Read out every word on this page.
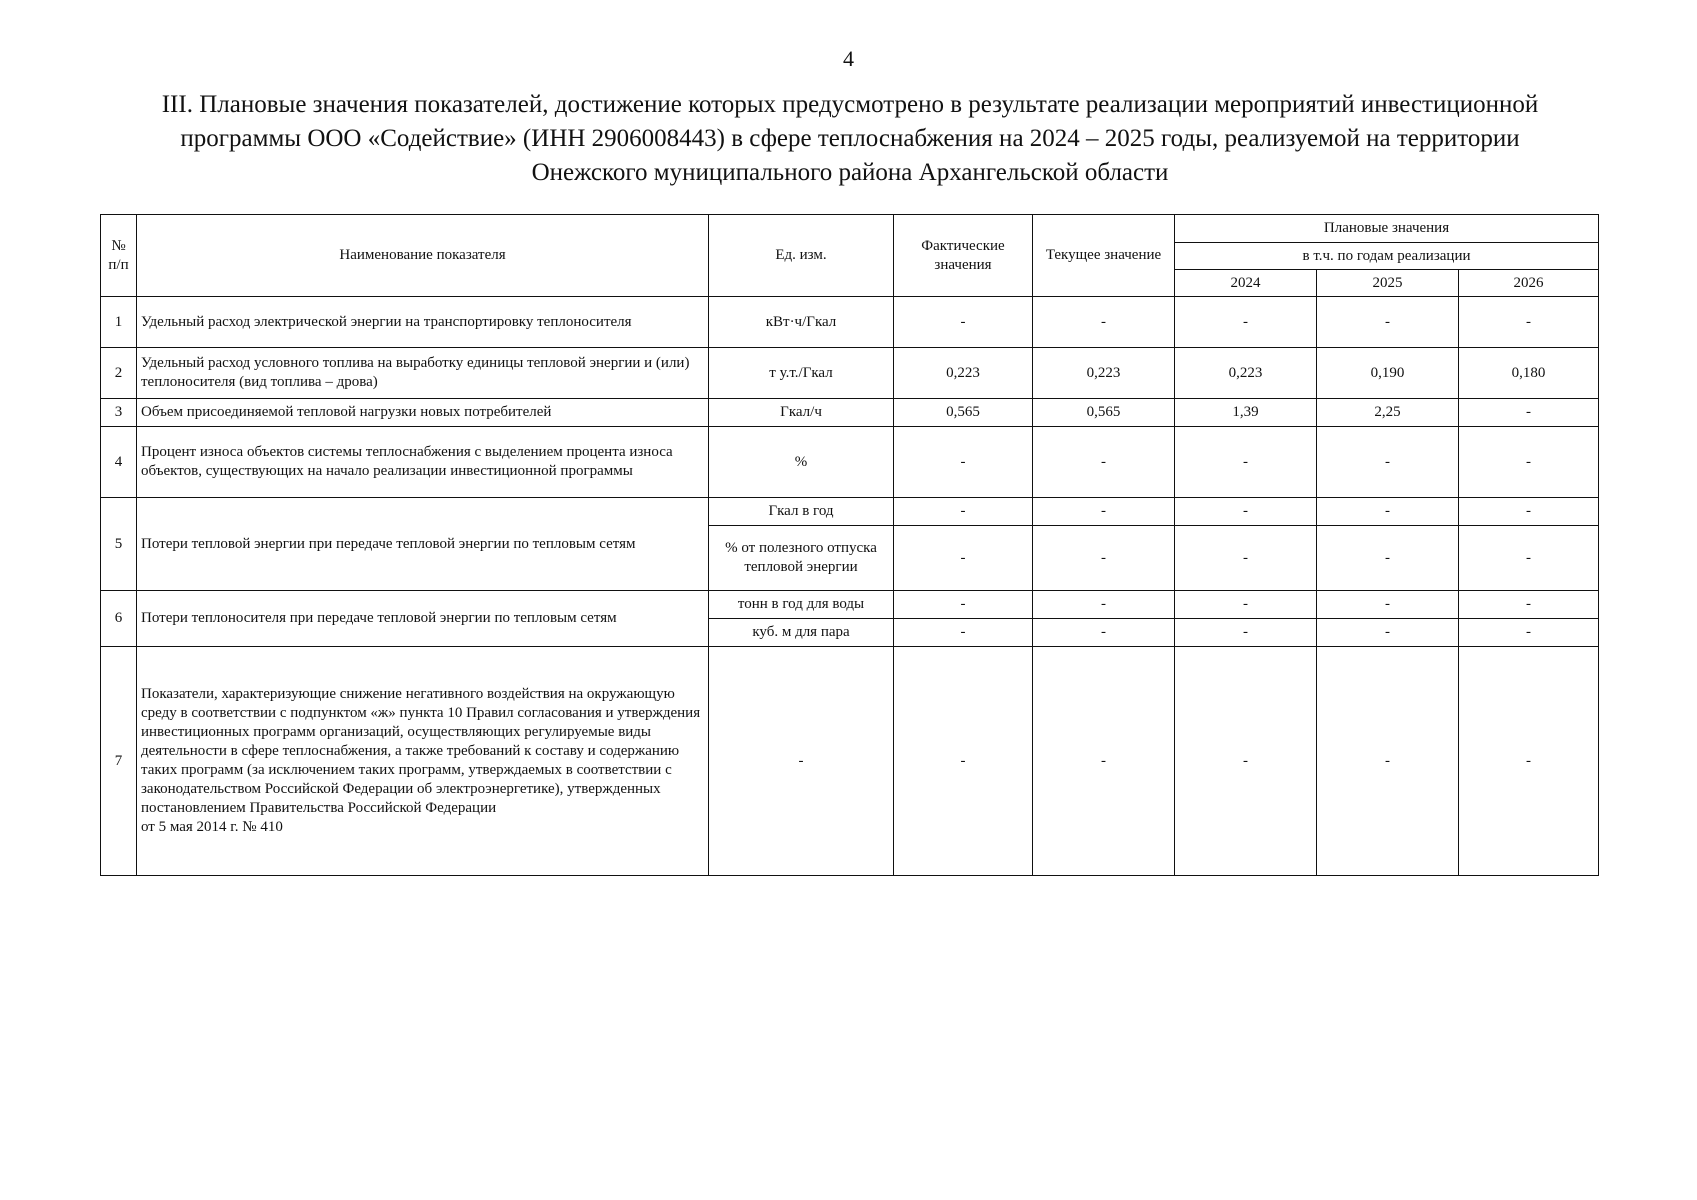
4
III. Плановые значения показателей, достижение которых предусмотрено в результате реализации мероприятий инвестиционной
программы ООО «Содействие» (ИНН 2906008443) в сфере теплоснабжения на 2024 – 2025 годы, реализуемой на территории
Онежского муниципального района Архангельской области
№ п/п	Наименование показателя	Ед. изм.	Фактические значения	Текущее значение	Плановые значения		
					в т.ч. по годам реализации		
					2024	2025	2026
1	Удельный расход электрической энергии на транспортировку теплоносителя	кВт·ч/Гкал	-	-	-	-	-
2	Удельный расход условного топлива на выработку единицы тепловой энергии и (или) теплоносителя (вид топлива – дрова)	т у.т./Гкал	0,223	0,223	0,223	0,190	0,180
3	Объем присоединяемой тепловой нагрузки новых потребителей	Гкал/ч	0,565	0,565	1,39	2,25	-
4	Процент износа объектов системы теплоснабжения с выделением процента износа объектов, существующих на начало реализации инвестиционной программы	%	-	-	-	-	-
5	Потери тепловой энергии при передаче тепловой энергии по тепловым сетям	Гкал в год	-	-	-	-	-
		% от полезного отпуска тепловой энергии	-	-	-	-	-
6	Потери теплоносителя при передаче тепловой энергии по тепловым сетям	тонн в год для воды	-	-	-	-	-
		куб. м для пара	-	-	-	-	-
7	Показатели, характеризующие снижение негативного воздействия на окружающую среду в соответствии с подпунктом «ж» пункта 10 Правил согласования и утверждения инвестиционных программ организаций, осуществляющих регулируемые виды деятельности в сфере теплоснабжения, а также требований к составу и содержанию таких программ (за исключением таких программ, утверждаемых в соответствии с законодательством Российской Федерации об электроэнергетике), утвержденных постановлением Правительства Российской Федерации
от 5 мая 2014 г. № 410	-	-	-	-	-	-
